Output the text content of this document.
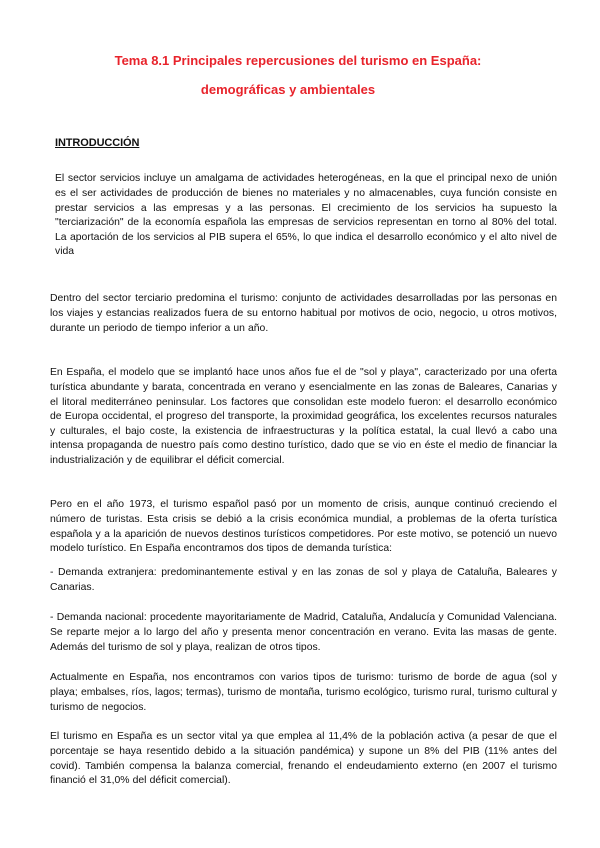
Tema 8.1 Principales repercusiones del turismo en España:
demográficas y ambientales
INTRODUCCIÓN

El sector servicios incluye un amalgama de actividades heterogéneas, en la que el principal nexo de unión es el ser actividades de producción de bienes no materiales y no almacenables, cuya función consiste en prestar servicios a las empresas y a las personas. El crecimiento de los servicios ha supuesto la "terciarización" de la economía española las empresas de servicios representan en torno al 80% del total. La aportación de los servicios al PIB supera el 65%, lo que indica el desarrollo económico y el alto nivel de vida

Dentro del sector terciario predomina el turismo: conjunto de actividades desarrolladas por las personas en los viajes y estancias realizados fuera de su entorno habitual por motivos de ocio, negocio, u otros motivos, durante un periodo de tiempo inferior a un año.

En España, el modelo que se implantó hace unos años fue el de "sol y playa", caracterizado por una oferta turística abundante y barata, concentrada en verano y esencialmente en las zonas de Baleares, Canarias y el litoral mediterráneo peninsular. Los factores que consolidan este modelo fueron: el desarrollo económico de Europa occidental, el progreso del transporte, la proximidad geográfica, los excelentes recursos naturales y culturales, el bajo coste, la existencia de infraestructuras y la política estatal, la cual llevó a cabo una intensa propaganda de nuestro país como destino turístico, dado que se vio en éste el medio de financiar la industrialización y de equilibrar el déficit comercial.

Pero en el año 1973, el turismo español pasó por un momento de crisis, aunque continuó creciendo el número de turistas. Esta crisis se debió a la crisis económica mundial, a problemas de la oferta turística española y a la aparición de nuevos destinos turísticos competidores. Por este motivo, se potenció un nuevo modelo turístico. En España encontramos dos tipos de demanda turística:

- Demanda extranjera: predominantemente estival y en las zonas de sol y playa de Cataluña, Baleares y Canarias.

- Demanda nacional: procedente mayoritariamente de Madrid, Cataluña, Andalucía y Comunidad Valenciana. Se reparte mejor a lo largo del año y presenta menor concentración en verano. Evita las masas de gente. Además del turismo de sol y playa, realizan de otros tipos.

Actualmente en España, nos encontramos con varios tipos de turismo: turismo de borde de agua (sol y playa; embalses, ríos, lagos; termas), turismo de montaña, turismo ecológico, turismo rural, turismo cultural y turismo de negocios.

El turismo en España es un sector vital ya que emplea al 11,4% de la población activa (a pesar de que el porcentaje se haya resentido debido a la situación pandémica) y supone un 8% del PIB (11% antes del covid). También compensa la balanza comercial, frenando el endeudamiento externo (en 2007 el turismo financió el 31,0% del déficit comercial).
